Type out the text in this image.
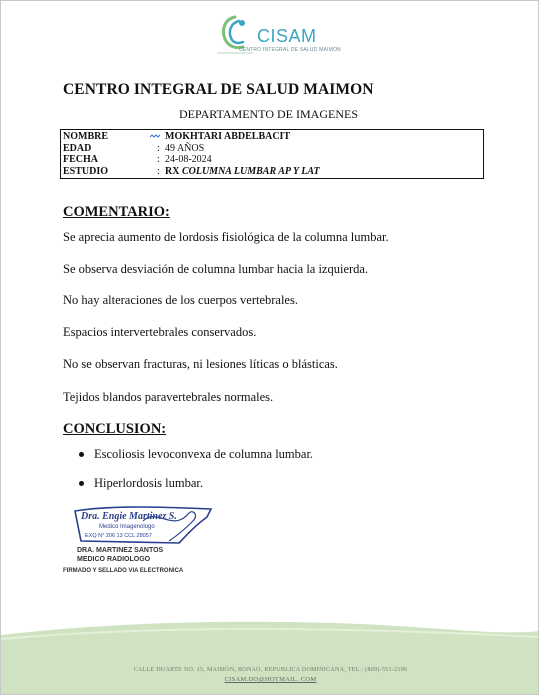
CISAM
CENTRO INTEGRAL DE SALUD MAIMON
CENTRO INTEGRAL DE SALUD MAIMON
DEPARTAMENTO DE IMAGENES
NOMBRE	MOKHTARI ABDELBACIT
EDAD	: 49 AÑOS
FECHA	: 24-08-2024
ESTUDIO	: RX COLUMNA LUMBAR AP Y LAT
COMENTARIO:
Se aprecia aumento de lordosis fisiológica de la columna lumbar.
Se observa desviación de columna lumbar hacia la izquierda.
No hay alteraciones de los cuerpos vertebrales.
Espacios intervertebrales conservados.
No se observan fracturas, ni lesiones líticas o blásticas.
Tejidos blandos paravertebrales normales.
CONCLUSION:
Escoliosis levoconvexa de columna lumbar.
Hiperlordosis lumbar.
Dra. Engie Martinez S.
Medico Imagenologo
EXQ N° 206 13 CCL 28057
DRA. MARTINEZ SANTOS
MEDICO RADIOLOGO
FIRMADO Y SELLADO VIA ELECTRONICA
CALLE DUARTE NO. 15, MAIMÓN, BONAO, REPUBLICA DOMINICANA, TEL.: (809)-551-2196
CISAM.DO@HOTMAIL. COM
